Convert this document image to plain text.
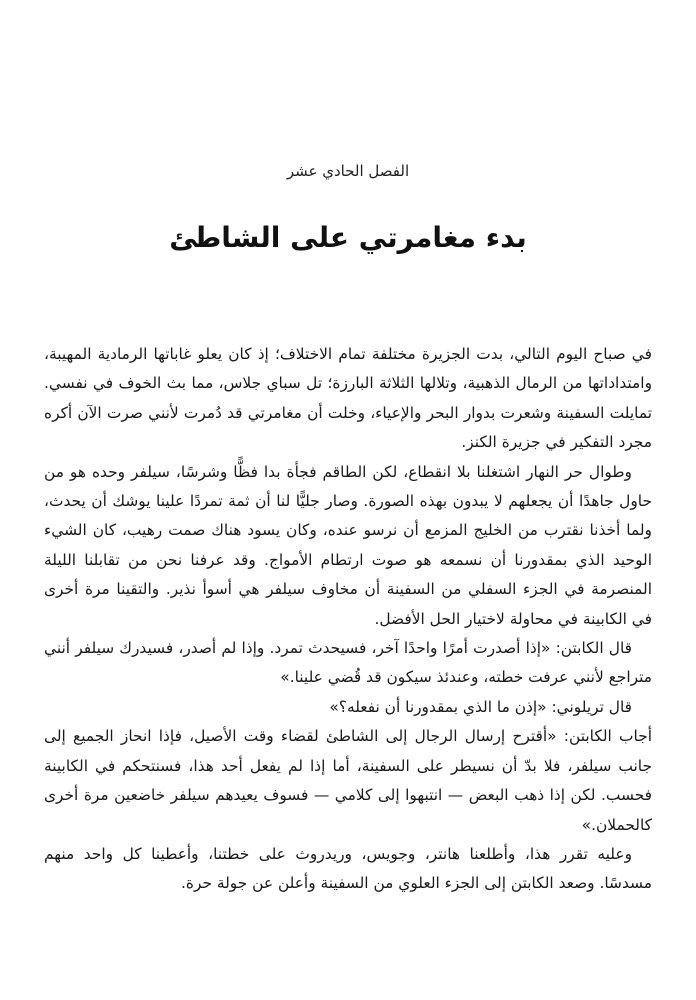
الفصل الحادي عشر
بدء مغامرتي على الشاطئ

في صباح اليوم التالي، بدت الجزيرة مختلفة تمام الاختلاف؛ إذ كان يعلو غاباتها الرمادية المهيبة، وامتداداتها من الرمال الذهبية، وتلالها الثلاثة البارزة؛ تل سباي جلاس، مما بث الخوف في نفسي. تمايلت السفينة وشعرت بدوار البحر والإعياء، وخلت أن مغامرتي قد دُمرت لأنني صرت الآن أكره مجرد التفكير في جزيرة الكنز.

وطوال حر النهار اشتغلنا بلا انقطاع، لكن الطاقم فجأة بدا فظًّا وشرسًا، سيلفر وحده هو من حاول جاهدًا أن يجعلهم لا يبدون بهذه الصورة. وصار جليًّا لنا أن ثمة تمردًا علينا يوشك أن يحدث، ولما أخذنا نقترب من الخليج المزمع أن نرسو عنده، وكان يسود هناك صمت رهيب، كان الشيء الوحيد الذي بمقدورنا أن نسمعه هو صوت ارتطام الأمواج. وقد عرفنا نحن من تقابلنا الليلة المنصرمة في الجزء السفلي من السفينة أن مخاوف سيلفر هي أسوأ نذير. والتقينا مرة أخرى في الكابينة في محاولة لاختيار الحل الأفضل.

قال الكابتن: «إذا أصدرت أمرًا واحدًا آخر، فسيحدث تمرد. وإذا لم أصدر، فسيدرك سيلفر أنني متراجع لأنني عرفت خطته، وعندئذ سيكون قد قُضي علينا.»

قال تريلوني: «إذن ما الذي بمقدورنا أن نفعله؟»

أجاب الكابتن: «أقترح إرسال الرجال إلى الشاطئ لقضاء وقت الأصيل، فإذا انحاز الجميع إلى جانب سيلفر، فلا بدّ أن نسيطر على السفينة، أما إذا لم يفعل أحد هذا، فسنتحكم في الكابينة فحسب. لكن إذا ذهب البعض — انتبهوا إلى كلامي — فسوف يعيدهم سيلفر خاضعين مرة أخرى كالحملان.»

وعليه تقرر هذا، وأطلعنا هانتر، وجويس، وريدروث على خطتنا، وأعطينا كل واحد منهم مسدسًا. وصعد الكابتن إلى الجزء العلوي من السفينة وأعلن عن جولة حرة.
